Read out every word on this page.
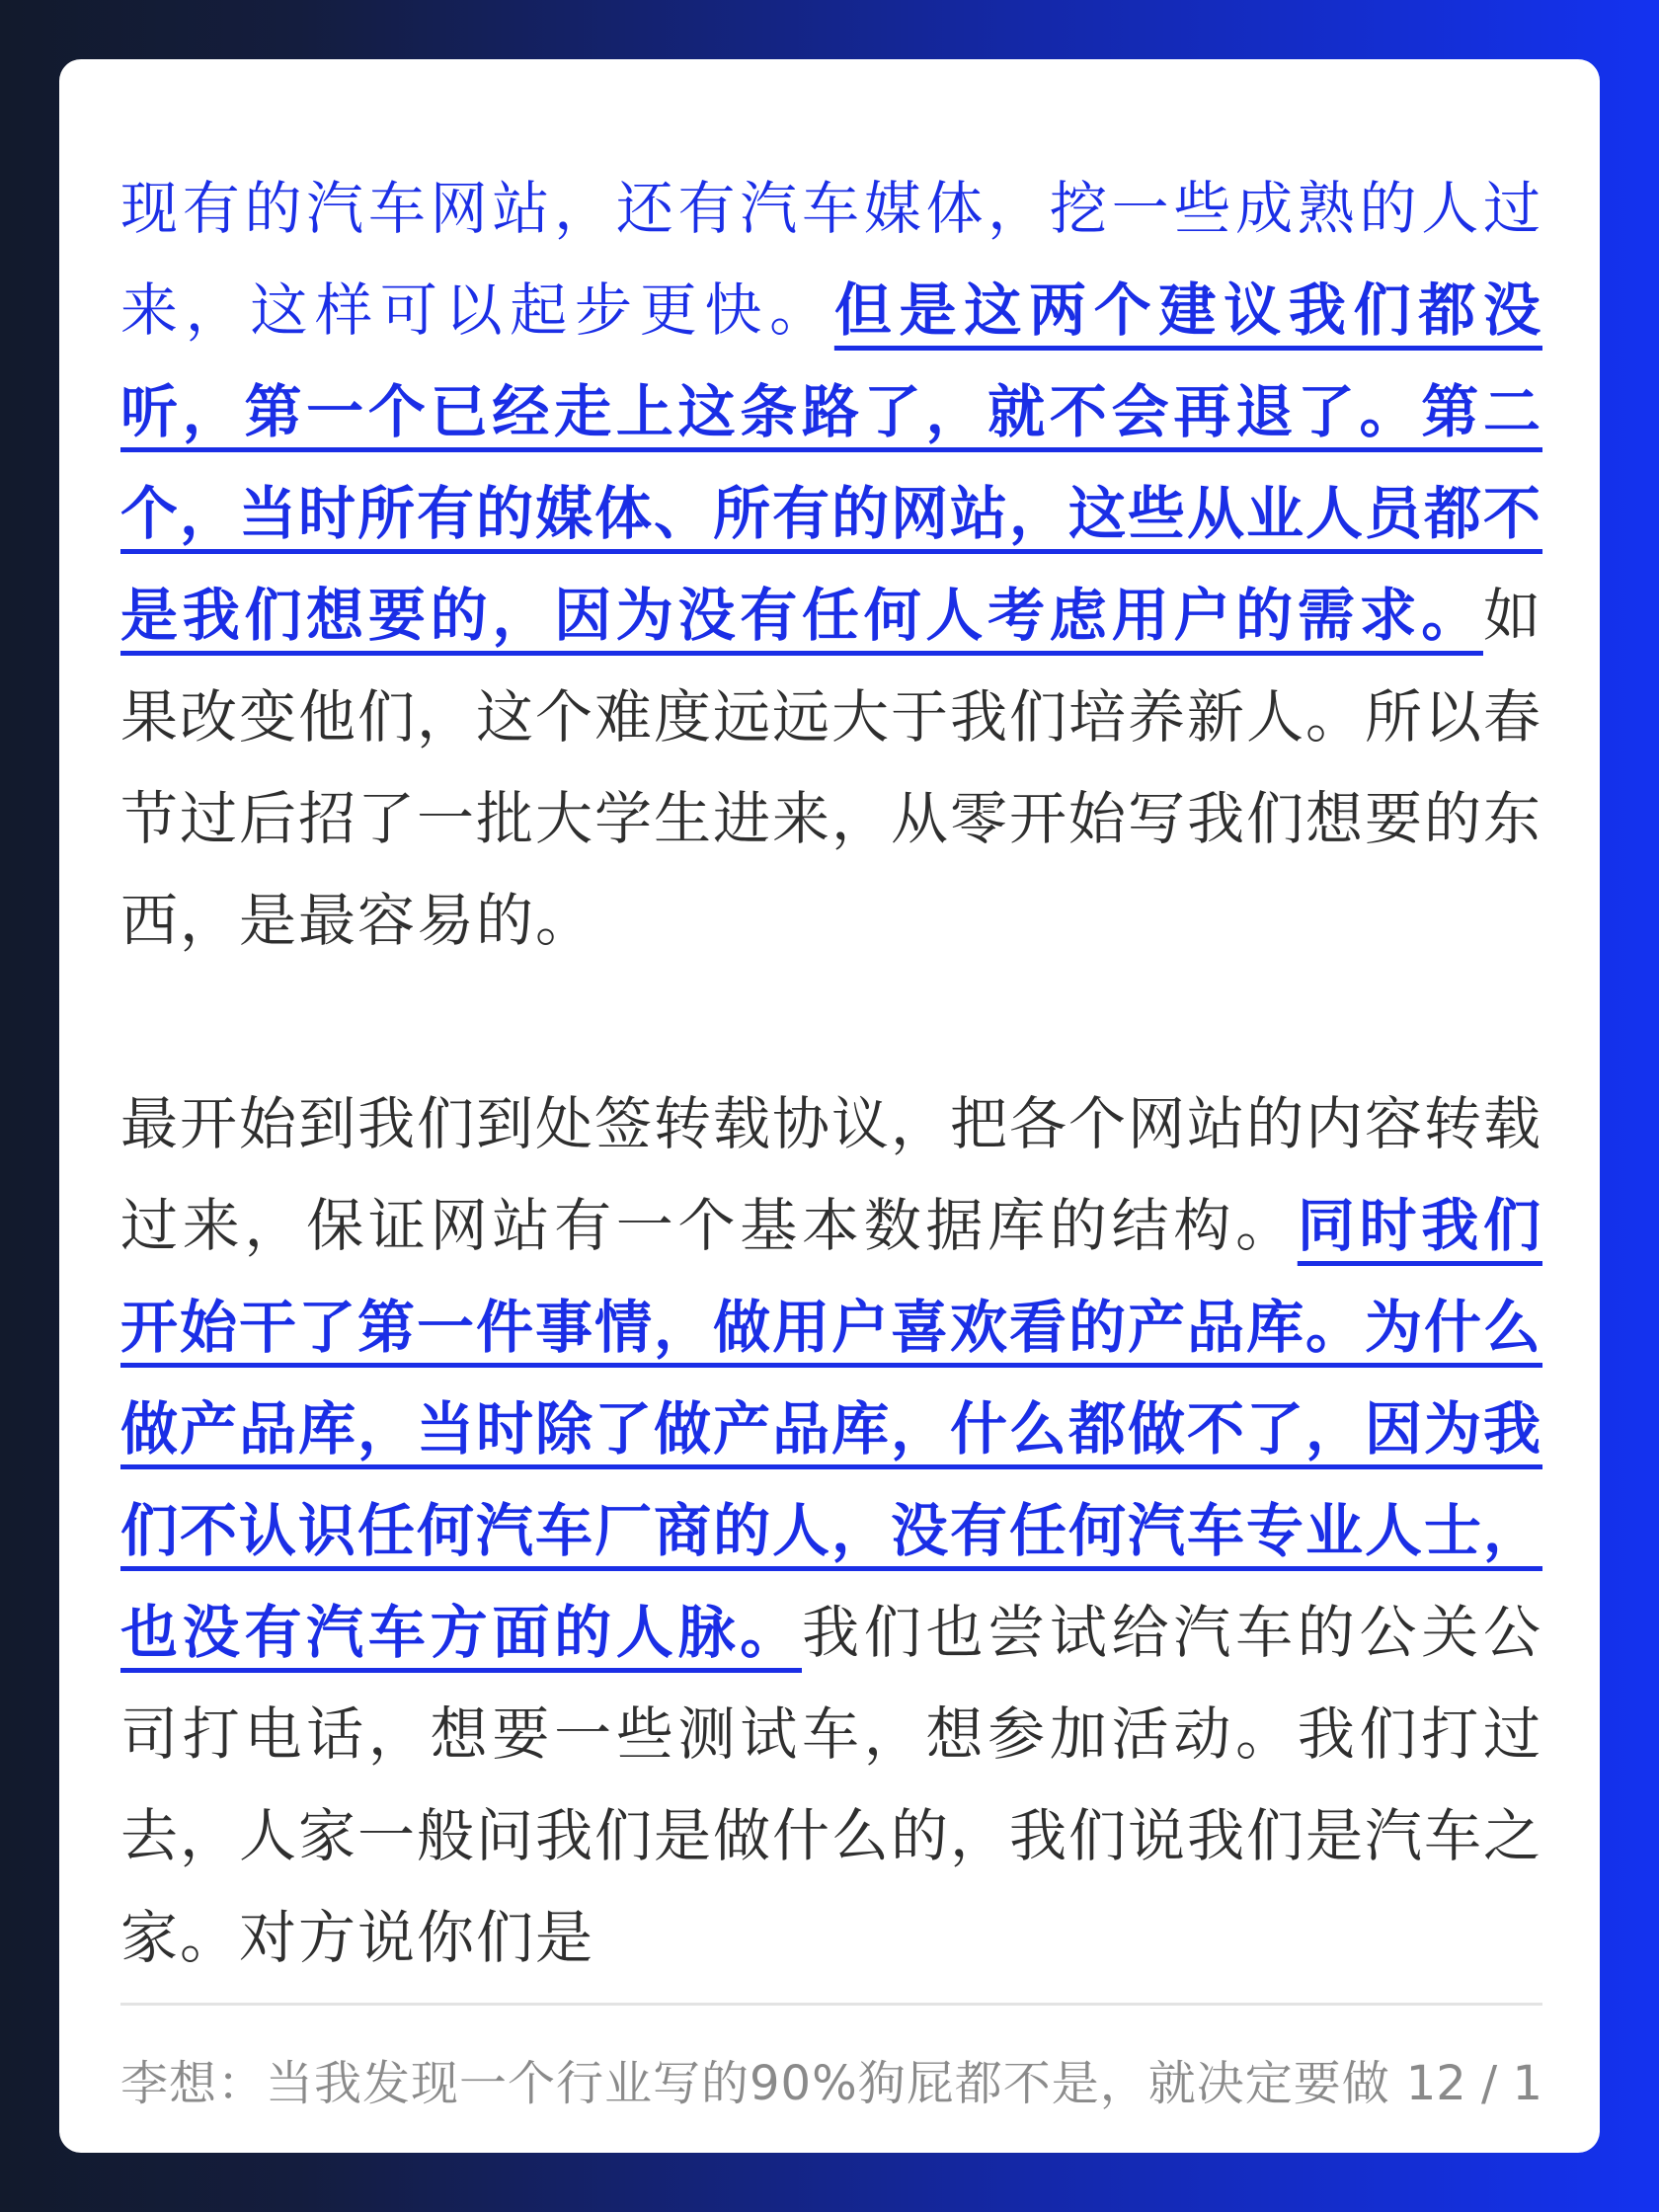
现有的汽车网站，还有汽车媒体，挖一些成熟的人过来，这样可以起步更快。但是这两个建议我们都没听，第一个已经走上这条路了，就不会再退了。第二个，当时所有的媒体、所有的网站，这些从业人员都不是我们想要的，因为没有任何人考虑用户的需求。如果改变他们，这个难度远远大于我们培养新人。所以春节过后招了一批大学生进来，从零开始写我们想要的东西，是最容易的。

最开始到我们到处签转载协议，把各个网站的内容转载过来，保证网站有一个基本数据库的结构。同时我们开始干了第一件事情，做用户喜欢看的产品库。为什么做产品库，当时除了做产品库，什么都做不了，因为我们不认识任何汽车厂商的人，没有任何汽车专业人士，也没有汽车方面的人脉。我们也尝试给汽车的公关公司打电话，想要一些测试车，想参加活动。我们打过去，人家一般问我们是做什么的，我们说我们是汽车之家。对方说你们是

李想：当我发现一个行业写的90%狗屁都不是，就决定要做 12 / 1
